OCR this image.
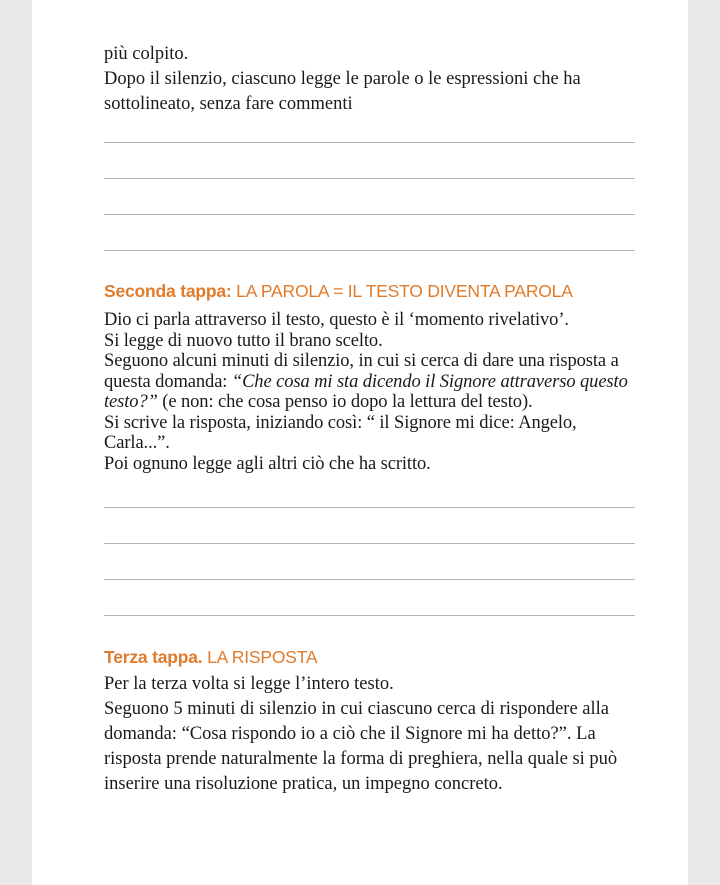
più colpito.

Dopo il silenzio, ciascuno legge le parole o le espressioni che ha sottolineato, senza fare commenti

Seconda tappa: LA PAROLA = IL TESTO DIVENTA PAROLA

Dio ci parla attraverso il testo, questo è il ‘momento rivelativo’.

Si legge di nuovo tutto il brano scelto.

Seguono alcuni minuti di silenzio, in cui si cerca di dare una risposta a questa domanda: “Che cosa mi sta dicendo il Signore attraverso questo testo?” (e non: che cosa penso io dopo la lettura del testo).

Si scrive la risposta, iniziando così: “ il Signore mi dice: Angelo, Carla...”.

Poi ognuno legge agli altri ciò che ha scritto.

Terza tappa. LA RISPOSTA

Per la terza volta si legge l’intero testo.

Seguono 5 minuti di silenzio in cui ciascuno cerca di rispondere alla domanda: “Cosa rispondo io a ciò che il Signore mi ha detto?”. La risposta prende naturalmente la forma di preghiera, nella quale si può inserire una risoluzione pratica, un impegno concreto.
